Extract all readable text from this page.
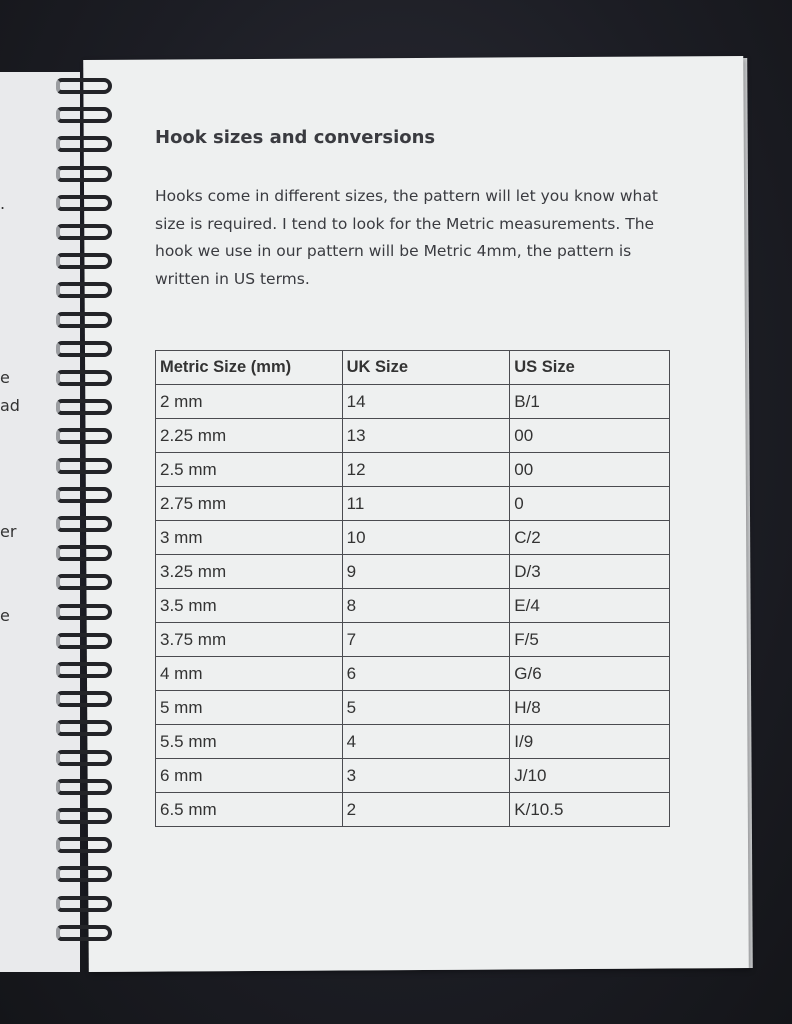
.
e
ad
er
e
Hook sizes and conversions

Hooks come in different sizes, the pattern will let you know what size is required. I tend to look for the Metric measurements. The hook we use in our pattern will be Metric 4mm, the pattern is written in US terms.

Metric Size (mm)	UK Size	US Size
2 mm	14	B/1
2.25 mm	13	00
2.5 mm	12	00
2.75 mm	11	0
3 mm	10	C/2
3.25 mm	9	D/3
3.5 mm	8	E/4
3.75 mm	7	F/5
4 mm	6	G/6
5 mm	5	H/8
5.5 mm	4	I/9
6 mm	3	J/10
6.5 mm	2	K/10.5
